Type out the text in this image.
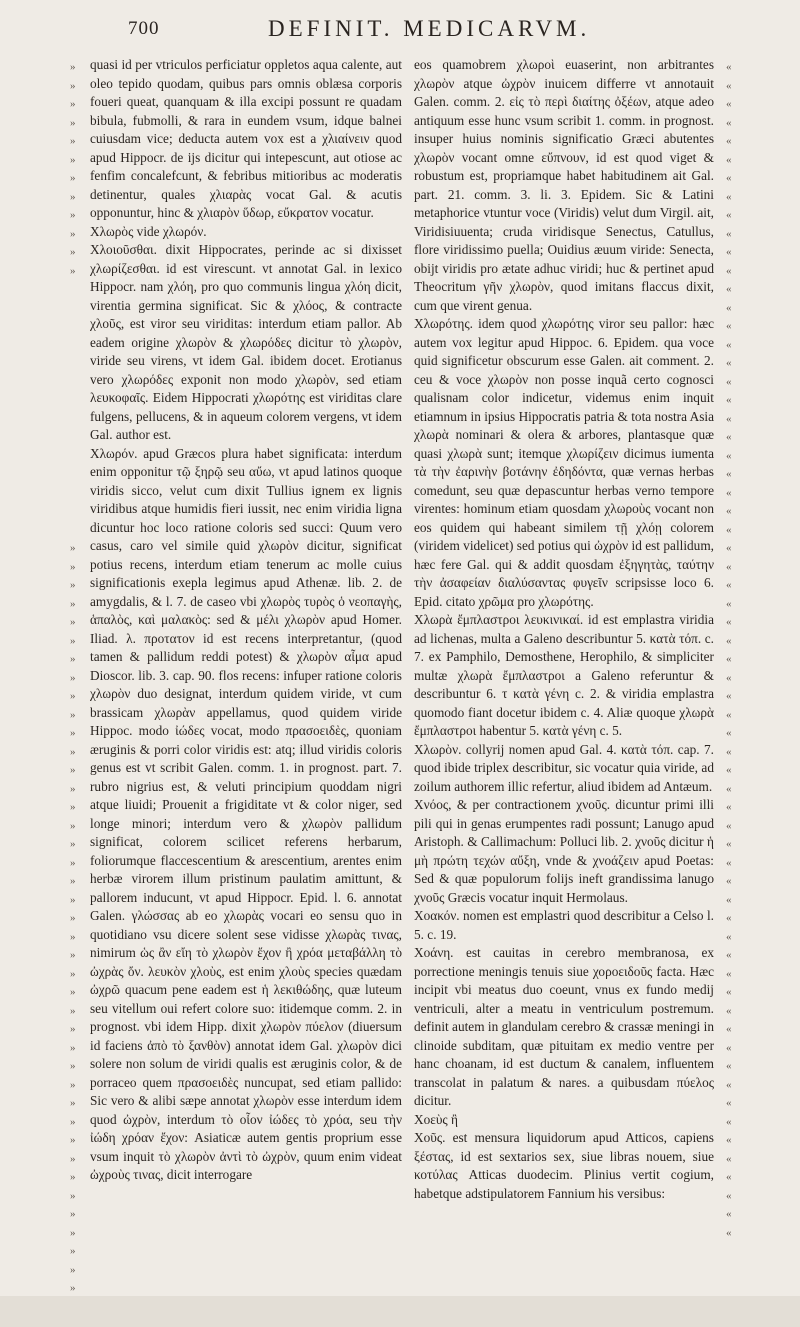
700	DEFINIT. MEDICARVM.
»
»
»
»
»
»
»
»
»
»
»
»

»
»
»
»
»
»
»
»
»
»
»
»
»
»
»
»
»
»
»
»
»
»
»
»
»
»
»
»
»
»
»
»
»
»
»
»
»
»
»
»
»

quasi id per vtriculos perficiatur oppletos aqua calente, aut oleo tepido quodam, quibus pars omnis oblæsa corporis foueri queat, quanquam & illa excipi possunt re quadam bibula, fubmolli, & rara in eundem vsum, idque balnei cuiusdam vice; deducta autem vox est a χλιαίνειν quod apud Hippocr. de ijs dicitur qui intepescunt, aut otiose ac fenfim concalefcunt, & febribus mitioribus ac moderatis detinentur, quales χλιαρὰς vocat Gal. & acutis opponuntur, hinc & χλιαρὸν ὕδωρ, εὔκρατον vocatur.

Χλωρὸς vide χλωρόν.

Χλοιοῦσθαι. dixit Hippocrates, perinde ac si dixisset χλωρίζεσθαι. id est virescunt. vt annotat Gal. in lexico Hippocr. nam χλόη, pro quo communis lingua χλόη dicit, virentia germina significat. Sic & χλόος, & contracte χλοῦς, est viror seu viriditas: interdum etiam pallor. Ab eadem origine χλωρὸν & χλωρόδες dicitur τὸ χλωρὸν, viride seu virens, vt idem Gal. ibidem docet. Erotianus vero χλωρόδες exponit non modo χλωρὸν, sed etiam λευκοφαῖς. Eidem Hippocrati χλωρότης est viriditas clare fulgens, pellucens, & in aqueum colorem vergens, vt idem Gal. author est.

Χλωρόν. apud Græcos plura habet significata: interdum enim opponitur τῷ ξηρῷ seu αὔω, vt apud latinos quoque viridis sicco, velut cum dixit Tullius ignem ex lignis viridibus atque humidis fieri iussit, nec enim viridia ligna dicuntur hoc loco ratione coloris sed succi: Quum vero casus, caro vel simile quid χλωρὸν dicitur, significat potius recens, interdum etiam tenerum ac molle cuius significationis exepla legimus apud Athenæ. lib. 2. de amygdalis, & l. 7. de caseo vbi χλωρὸς τυρὸς ὁ νεοπαγὴς, ἁπαλὸς, καὶ μαλακὸς: sed & μέλι χλωρὸν apud Homer. Iliad. λ. προτατον id est recens interpretantur, (quod tamen & pallidum reddi potest) & χλωρὸν αἷμα apud Dioscor. lib. 3. cap. 90. flos recens: infuper ratione coloris χλωρὸν duo designat, interdum quidem viride, vt cum brassicam χλωρὰν appellamus, quod quidem viride Hippoc. modo ἰώδες vocat, modo πρασοειδὲς, quoniam æruginis & porri color viridis est: atq; illud viridis coloris genus est vt scribit Galen. comm. 1. in prognost. part. 7. rubro nigrius est, & veluti principium quoddam nigri atque liuidi; Prouenit a frigiditate vt & color niger, sed longe minori; interdum vero & χλωρὸν pallidum significat, colorem scilicet referens herbarum, foliorumque flaccescentium & arescentium, arentes enim herbæ virorem illum pristinum paulatim amittunt, & pallorem inducunt, vt apud Hippocr. Epid. l. 6. annotat Galen. γλώσσας ab eo χλωρὰς vocari eo sensu quo in quotidiano vsu dicere solent sese vidisse χλωρὰς τινας, nimirum ὡς ἂν εἴη τὸ χλωρὸν ἔχον ἢ χρόα μεταβάλλη τὸ ὠχρὰς ὄν. λευκὸν χλοὺς, est enim χλοὺς species quædam ὠχρῶ quacum pene eadem est ἡ λεκιθώδης, quæ luteum seu vitellum oui refert colore suo: itidemque comm. 2. in prognost. vbi idem Hipp. dixit χλωρὸν πύελον (diuersum id faciens ἀπὸ τὸ ξανθὸν) annotat idem Gal. χλωρὸν dici solere non solum de viridi qualis est æruginis color, & de porraceo quem πρασοειδὲς nuncupat, sed etiam pallido: Sic vero & alibi sæpe annotat χλωρὸν esse interdum idem quod ὠχρὸν, interdum τὸ οἷον ἰώδες τὸ χρόα, seu τὴν ἰώδη χρόαν ἔχον: Asiaticæ autem gentis proprium esse vsum inquit τὸ χλωρὸν ἀντὶ τὸ ὠχρὸν, quum enim videat ὠχροὺς τινας, dicit interrogare

eos quamobrem χλωροὶ euaserint, non arbitrantes χλωρὸν atque ὠχρὸν inuicem differre vt annotauit Galen. comm. 2. εἰς τὸ περὶ διαίτης ὀξέων, atque adeo antiquum esse hunc vsum scribit 1. comm. in prognost. insuper huius nominis significatio Græci abutentes χλωρὸν vocant omne εὔπνουν, id est quod viget & robustum est, propriamque habet habitudinem ait Gal. part. 21. comm. 3. li. 3. Epidem. Sic & Latini metaphorice vtuntur voce (Viridis) velut dum Virgil. ait, Viridisiuuenta; cruda viridisque Senectus, Catullus, flore viridissimo puella; Ouidius æuum viride: Senecta, obijt viridis pro ætate adhuc viridi; huc & pertinet apud Theocritum γῆν χλωρὸν, quod imitans flaccus dixit, cum que virent genua.

Χλωρότης. idem quod χλωρότης viror seu pallor: hæc autem vox legitur apud Hippoc. 6. Epidem. qua voce quid significetur obscurum esse Galen. ait comment. 2. ceu & voce χλωρὸν non posse inquã certo cognosci qualisnam color indicetur, videmus enim inquit etiamnum in ipsius Hippocratis patria & tota nostra Asia χλωρὰ nominari & olera & arbores, plantasque quæ quasi χλωρὰ sunt; itemque χλωρίζειν dicimus iumenta τὰ τὴν ἐαρινὴν βοτάνην ἐδηδόντα, quæ vernas herbas comedunt, seu quæ depascuntur herbas verno tempore virentes: hominum etiam quosdam χλωροὺς vocant non eos quidem qui habeant similem τῇ χλόῃ colorem (viridem videlicet) sed potius qui ὠχρὸν id est pallidum, hæc fere Gal. qui & addit quosdam ἐξηγητὰς, ταύτην τὴν ἀσαφείαν διαλύσαντας φυγεῖν scripsisse loco 6. Epid. citato χρῶμα pro χλωρότης.

Χλωρὰ ἔμπλαστροι λευκινικαί. id est emplastra viridia ad lichenas, multa a Galeno describuntur 5. κατὰ τόπ. c. 7. ex Pamphilo, Demosthene, Herophilo, & simpliciter multæ χλωρὰ ἔμπλαστροι a Galeno referuntur & describuntur 6. τ κατὰ γένη c. 2. & viridia emplastra quomodo fiant docetur ibidem c. 4. Aliæ quoque χλωρὰ ἔμπλαστροι habentur 5. κατὰ γένη c. 5.

Χλωρὸν. collyrij nomen apud Gal. 4. κατὰ τόπ. cap. 7. quod ibide triplex describitur, sic vocatur quia viride, ad zoilum authorem illic refertur, aliud ibidem ad Antæum.

Χνόος, & per contractionem χνοῦς. dicuntur primi illi pili qui in genas erumpentes radi possunt; Lanugo apud Aristoph. & Callimachum: Polluci lib. 2. χνοῦς dicitur ἡ μὴ πρώτη τεχών αὔξη, vnde & χνοάζειν apud Poetas: Sed & quæ populorum folijs ineft grandissima lanugo χνοῦς Græcis vocatur inquit Hermolaus.

Χοακόν. nomen est emplastri quod describitur a Celso l. 5. c. 19.

Χοάνη. est cauitas in cerebro membranosa, ex porrectione meningis tenuis siue χοροειδοῦς facta. Hæc incipit vbi meatus duo coeunt, vnus ex fundo medij ventriculi, alter a meatu in ventriculum postremum. definit autem in glandulam cerebro & crassæ meningi in clinoide subditam, quæ pituitam ex medio ventre per hanc choanam, id est ductum & canalem, influentem transcolat in palatum & nares. a quibusdam πύελος dicitur.

Χοεὺς ἢ

Χοῦς. est mensura liquidorum apud Atticos, capiens ξέστας, id est sextarios sex, siue libras nouem, siue κοτύλας Atticas duodecim. Plinius vertit cogium, habetque adstipulatorem Fannium his versibus:

«
«
«
«
«
«
«
«
«
«
«
«
«
«
«
«
«
«
«
«
«
«
«
«
«
«
«
«
«
«
«
«
«
«
«
«
«
«
«
«
«
«
«
«
«
«
«
«
«
«
«
«
«
«
«
«
«
«
«
«
«
«
«
«
